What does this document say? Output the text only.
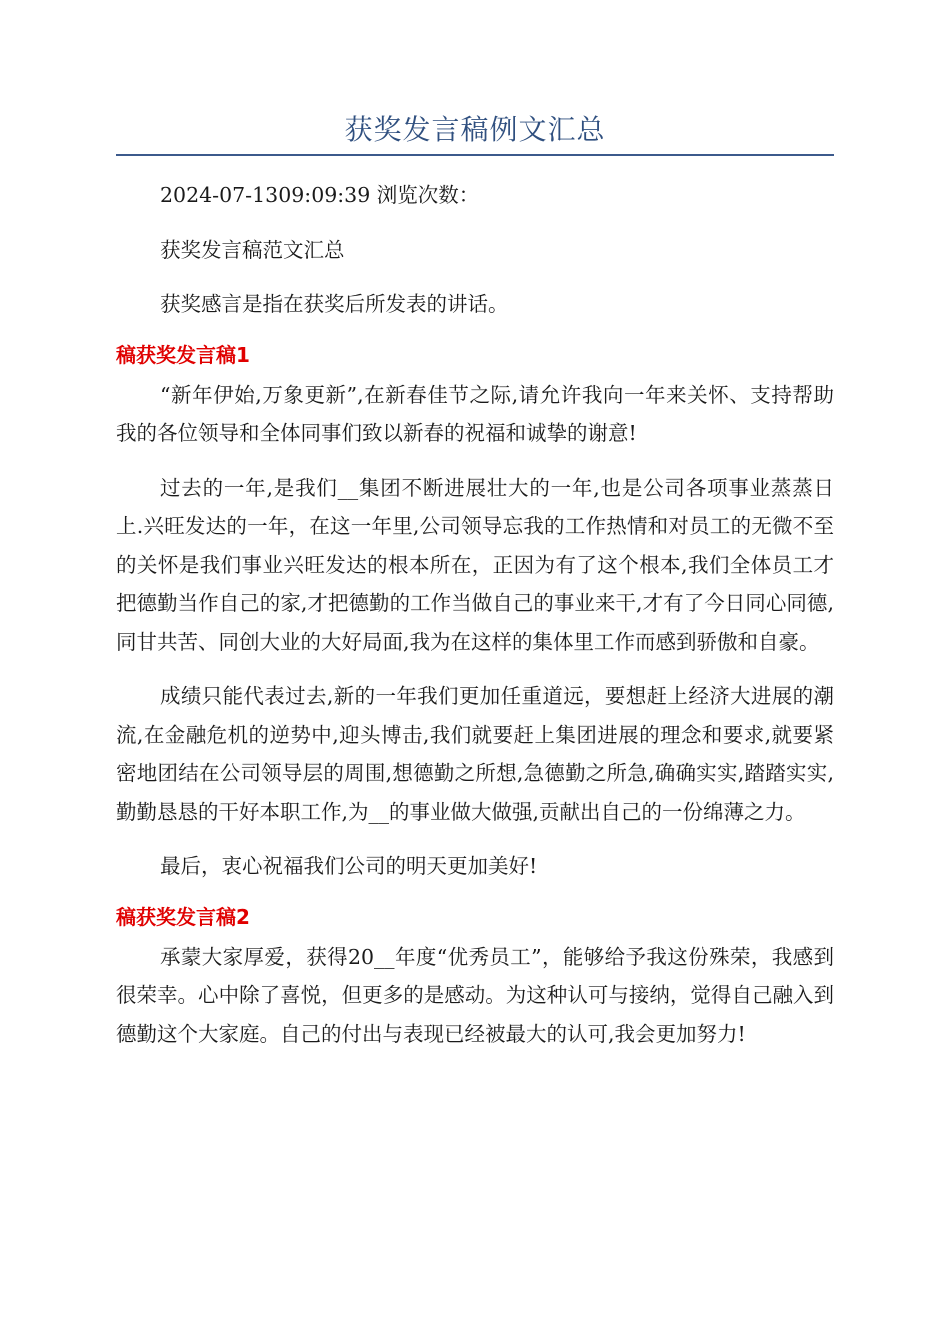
获奖发言稿例文汇总

2024-07-1309:09:39 浏览次数：

获奖发言稿范文汇总

获奖感言是指在获奖后所发表的讲话。

稿获奖发言稿1

“新年伊始,万象更新”,在新春佳节之际,请允许我向一年来关怀、支持帮助我的各位领导和全体同事们致以新春的祝福和诚挚的谢意!

过去的一年,是我们__集团不断进展壮大的一年,也是公司各项事业蒸蒸日上.兴旺发达的一年，在这一年里,公司领导忘我的工作热情和对员工的无微不至的关怀是我们事业兴旺发达的根本所在，正因为有了这个根本,我们全体员工才把德勤当作自己的家,才把德勤的工作当做自己的事业来干,才有了今日同心同德,同甘共苦、同创大业的大好局面,我为在这样的集体里工作而感到骄傲和自豪。

成绩只能代表过去,新的一年我们更加任重道远，要想赶上经济大进展的潮流,在金融危机的逆势中,迎头博击,我们就要赶上集团进展的理念和要求,就要紧密地团结在公司领导层的周围,想德勤之所想,急德勤之所急,确确实实,踏踏实实,勤勤恳恳的干好本职工作,为__的事业做大做强,贡献出自己的一份绵薄之力。

最后，衷心祝福我们公司的明天更加美好!

稿获奖发言稿2

承蒙大家厚爱，获得20__年度“优秀员工”，能够给予我这份殊荣，我感到很荣幸。心中除了喜悦，但更多的是感动。为这种认可与接纳，觉得自己融入到德勤这个大家庭。自己的付出与表现已经被最大的认可,我会更加努力!
